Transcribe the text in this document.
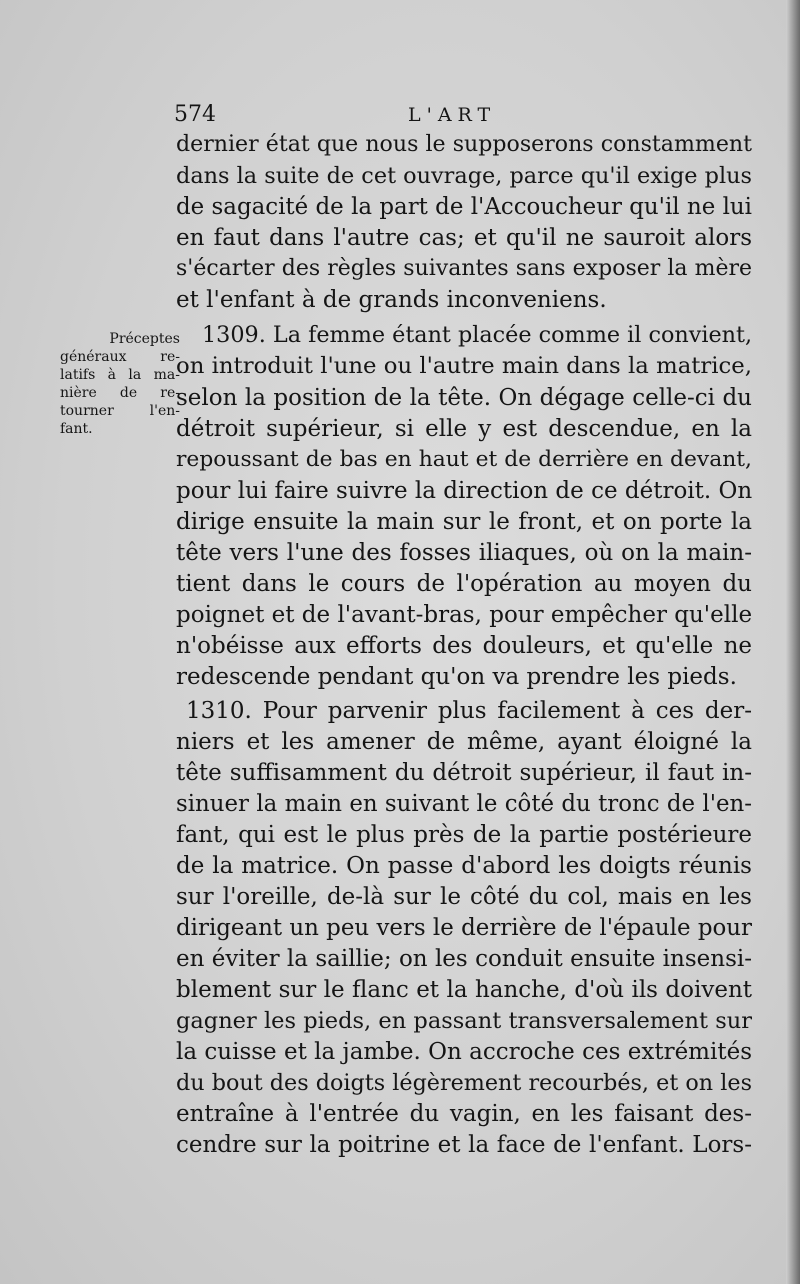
574	L'ART
Préceptes
généraux re-
latifs à la ma-
nière de re-
tourner l'en-
fant.
dernier état que nous le supposerons constamment
dans la suite de cet ouvrage, parce qu'il exige plus
de sagacité de la part de l'Accoucheur qu'il ne lui
en faut dans l'autre cas; et qu'il ne sauroit alors
s'écarter des règles suivantes sans exposer la mère
et l'enfant à de grands inconveniens.
1309. La femme étant placée comme il convient,
on introduit l'une ou l'autre main dans la matrice,
selon la position de la tête. On dégage celle-ci du
détroit supérieur, si elle y est descendue, en la
repoussant de bas en haut et de derrière en devant,
pour lui faire suivre la direction de ce détroit. On
dirige ensuite la main sur le front, et on porte la
tête vers l'une des fosses iliaques, où on la main-
tient dans le cours de l'opération au moyen du
poignet et de l'avant-bras, pour empêcher qu'elle
n'obéisse aux efforts des douleurs, et qu'elle ne
redescende pendant qu'on va prendre les pieds.
1310. Pour parvenir plus facilement à ces der-
niers et les amener de même, ayant éloigné la
tête suffisamment du détroit supérieur, il faut in-
sinuer la main en suivant le côté du tronc de l'en-
fant, qui est le plus près de la partie postérieure
de la matrice. On passe d'abord les doigts réunis
sur l'oreille, de-là sur le côté du col, mais en les
dirigeant un peu vers le derrière de l'épaule pour
en éviter la saillie; on les conduit ensuite insensi-
blement sur le flanc et la hanche, d'où ils doivent
gagner les pieds, en passant transversalement sur
la cuisse et la jambe. On accroche ces extrémités
du bout des doigts légèrement recourbés, et on les
entraîne à l'entrée du vagin, en les faisant des-
cendre sur la poitrine et la face de l'enfant. Lors-
